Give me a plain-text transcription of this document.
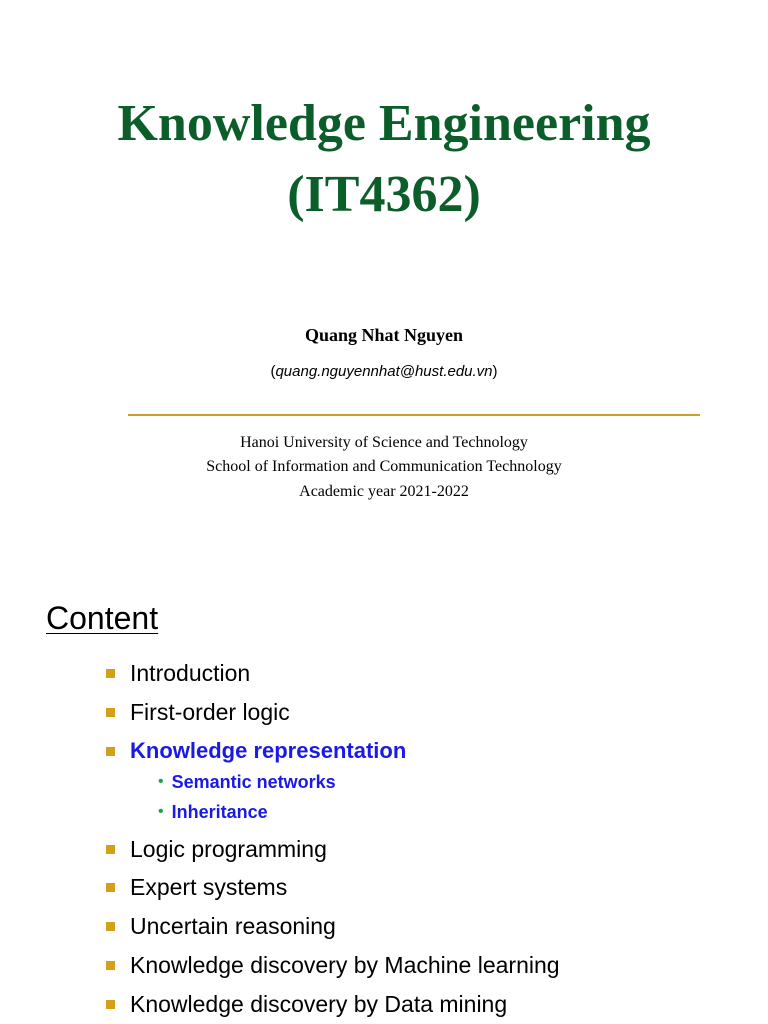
Knowledge Engineering
(IT4362)
Quang Nhat Nguyen
(quang.nguyennhat@hust.edu.vn)
Hanoi University of Science and Technology
School of Information and Communication Technology
Academic year 2021-2022
Content
Introduction
First-order logic
Knowledge representation
• Semantic networks
• Inheritance
Logic programming
Expert systems
Uncertain reasoning
Knowledge discovery by Machine learning
Knowledge discovery by Data mining
